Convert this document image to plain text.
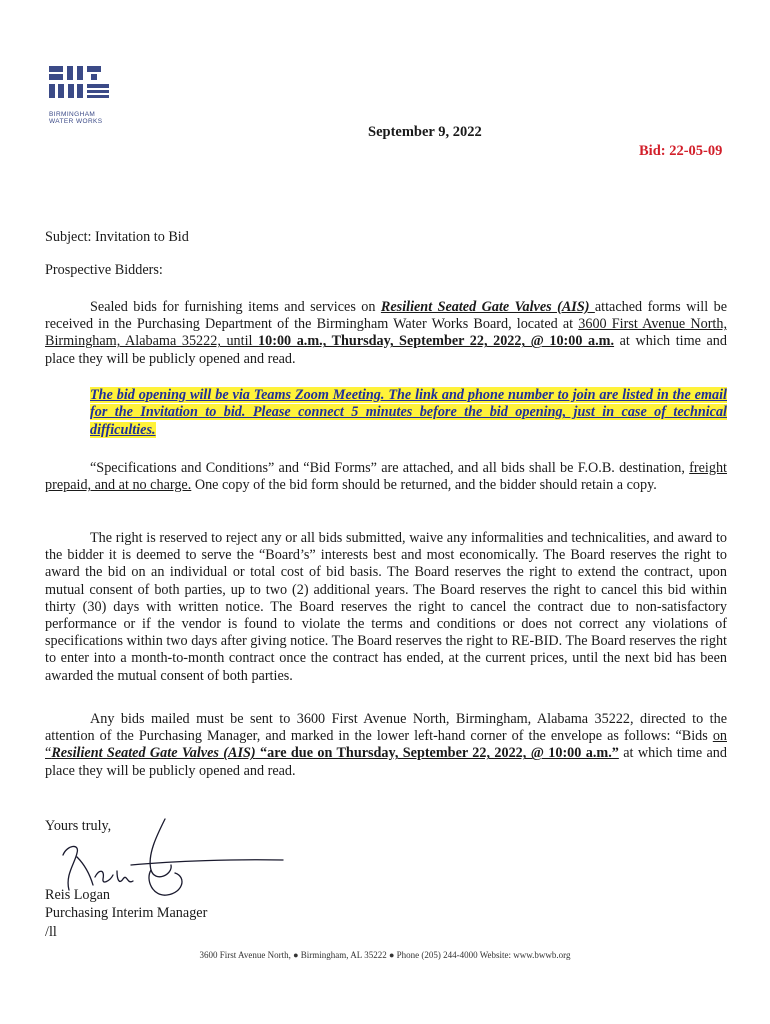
BIRMINGHAM
WATER WORKS
September 9, 2022
Bid: 22-05-09
Subject: Invitation to Bid
Prospective Bidders:
Sealed bids for furnishing items and services on Resilient Seated Gate Valves (AIS) attached forms will be received in the Purchasing Department of the Birmingham Water Works Board, located at 3600 First Avenue North, Birmingham, Alabama 35222, until 10:00 a.m., Thursday, September 22, 2022, @ 10:00 a.m. at which time and place they will be publicly opened and read.
The bid opening will be via Teams Zoom Meeting. The link and phone number to join are listed in the email for the Invitation to bid. Please connect 5 minutes before the bid opening, just in case of technical difficulties.
“Specifications and Conditions” and “Bid Forms” are attached, and all bids shall be F.O.B. destination, freight prepaid, and at no charge. One copy of the bid form should be returned, and the bidder should retain a copy.
The right is reserved to reject any or all bids submitted, waive any informalities and technicalities, and award to the bidder it is deemed to serve the “Board’s” interests best and most economically. The Board reserves the right to award the bid on an individual or total cost of bid basis. The Board reserves the right to extend the contract, upon mutual consent of both parties, up to two (2) additional years. The Board reserves the right to cancel this bid within thirty (30) days with written notice. The Board reserves the right to cancel the contract due to non-satisfactory performance or if the vendor is found to violate the terms and conditions or does not correct any violations of specifications within two days after giving notice. The Board reserves the right to RE-BID. The Board reserves the right to enter into a month-to-month contract once the contract has ended, at the current prices, until the next bid has been awarded the mutual consent of both parties.
Any bids mailed must be sent to 3600 First Avenue North, Birmingham, Alabama 35222, directed to the attention of the Purchasing Manager, and marked in the lower left-hand corner of the envelope as follows: “Bids on “Resilient Seated Gate Valves (AIS) “are due on Thursday, September 22, 2022, @ 10:00 a.m.” at which time and place they will be publicly opened and read.
Yours truly,
Reis Logan
Purchasing Interim Manager
/ll
3600 First Avenue North, ● Birmingham, AL 35222 ● Phone (205) 244-4000 Website: www.bwwb.org
